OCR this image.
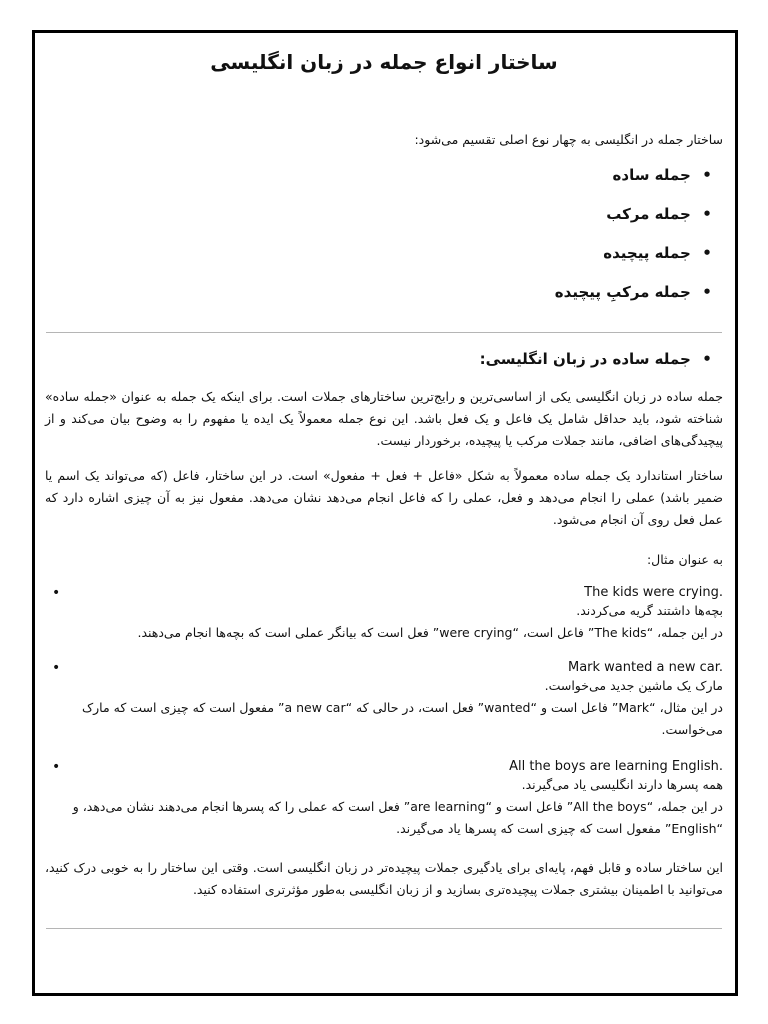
ساختار انواع جمله در زبان انگلیسی
ساختار جمله در انگلیسی به چهار نوع اصلی تقسیم می‌شود:
• جمله ساده
• جمله مرکب
• جمله پیچیده
• جمله مرکبِ پیچیده
• جمله ساده در زبان انگلیسی:
جمله ساده در زبان انگلیسی یکی از اساسی‌ترین و رایج‌ترین ساختارهای جملات است. برای اینکه یک جمله به عنوان «جمله ساده» شناخته شود، باید حداقل شامل یک فاعل و یک فعل باشد. این نوع جمله معمولاً یک ایده یا مفهوم را به وضوح بیان می‌کند و از پیچیدگی‌های اضافی، مانند جملات مرکب یا پیچیده، برخوردار نیست.
ساختار استاندارد یک جمله ساده معمولاً به شکل «فاعل + فعل + مفعول» است. در این ساختار، فاعل (که می‌تواند یک اسم یا ضمیر باشد) عملی را انجام می‌دهد و فعل، عملی را که فاعل انجام می‌دهد نشان می‌دهد. مفعول نیز به آن چیزی اشاره دارد که عمل فعل روی آن انجام می‌شود.
به عنوان مثال:
The kids were crying. •
بچه‌ها داشتند گریه می‌کردند.
در این جمله، “The kids” فاعل است، “were crying” فعل است که بیانگر عملی است که بچه‌ها انجام می‌دهند.
Mark wanted a new car. •
مارک یک ماشین جدید می‌خواست.
در این مثال، “Mark” فاعل است و “wanted” فعل است، در حالی که “a new car” مفعول است که چیزی است که مارک می‌خواست.
All the boys are learning English. •
همه پسرها دارند انگلیسی یاد می‌گیرند.
در این جمله، “All the boys” فاعل است و “are learning” فعل است که عملی را که پسرها انجام می‌دهند نشان می‌دهد، و “English” مفعول است که چیزی است که پسرها یاد می‌گیرند.
این ساختار ساده و قابل فهم، پایه‌ای برای یادگیری جملات پیچیده‌تر در زبان انگلیسی است. وقتی این ساختار را به خوبی درک کنید، می‌توانید با اطمینان بیشتری جملات پیچیده‌تری بسازید و از زبان انگلیسی به‌طور مؤثرتری استفاده کنید.
